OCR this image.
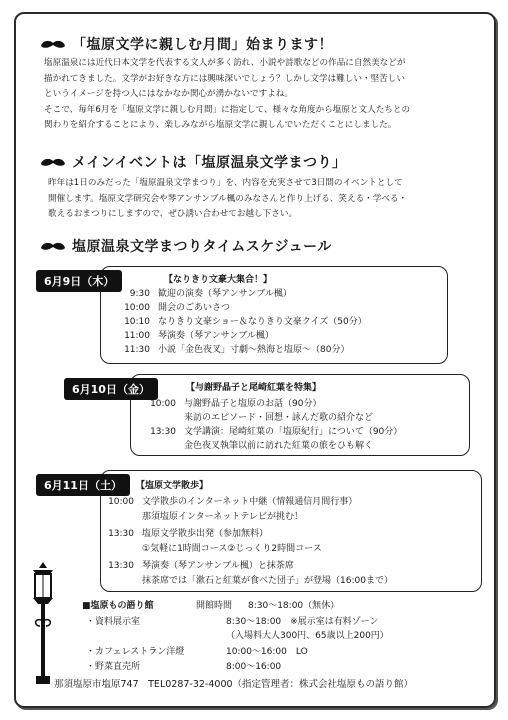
「塩原文学に親しむ月間」始まります！
塩原温泉には近代日本文学を代表する文人が多く訪れ、小説や詩歌などの作品に自然美などが
描かれてきました。文学がお好きな方には興味深いでしょう？しかし文学は難しい・堅苦しい
というイメージを持つ人にはなかなか関心が湧かないですよね。
そこで、毎年6月を「塩原文学に親しむ月間」に指定して、様々な角度から塩原と文人たちとの
関わりを紹介することにより、楽しみながら塩原文学に親しんでいただくことにしました。
メインイベントは「塩原温泉文学まつり」
昨年は1日のみだった「塩原温泉文学まつり」を、内容を充実させて3日間のイベントとして
開催します。塩原文学研究会や琴アンサンブル楓のみなさんと作り上げる、笑える・学べる・
歌えるおまつりにしますので、ぜひ誘い合わせてお越し下さい。
塩原温泉文学まつりタイムスケジュール
6月9日（木）	【なりきり文豪大集合！】
9:30 歓迎の演奏（琴アンサンブル楓）
10:00 開会のごあいさつ
10:10 なりきり文豪ショー＆なりきり文豪クイズ（50分）
11:00 琴演奏（琴アンサンブル楓）
11:30 小説「金色夜叉」寸劇～熱海と塩原～（80分）
6月10日（金）	【与謝野晶子と尾崎紅葉を特集】
10:00 与謝野晶子と塩原のお話（90分）
来訪のエピソード・回想・詠んだ歌の紹介など
13:30 文学講演：尾崎紅葉の「塩原紀行」について（90分）
金色夜叉執筆以前に訪れた紅葉の旅をひも解く
6月11日（土）	【塩原文学散歩】
10:00 文学散歩のインターネット中継（情報通信月間行事）
那須塩原インターネットテレビが挑む！
13:30 塩原文学散歩出発（参加無料）
①気軽に1時間コース②じっくり2時間コース
13:30 琴演奏（琴アンサンブル楓）と抹茶席
抹茶席では「漱石と紅葉が食べた団子」が登場（16:00まで）
■塩原もの語り館	開館時間 8:30～18:00（無休）
・資料展示室	8:30～18:00　※展示室は有料ゾーン
（入場料大人300円、65歳以上200円）
・カフェレストラン洋燈	10:00～16:00　LO
・野菜直売所	8:00～16:00
那須塩原市塩原747　TEL0287-32-4000（指定管理者：株式会社塩原もの語り館）
